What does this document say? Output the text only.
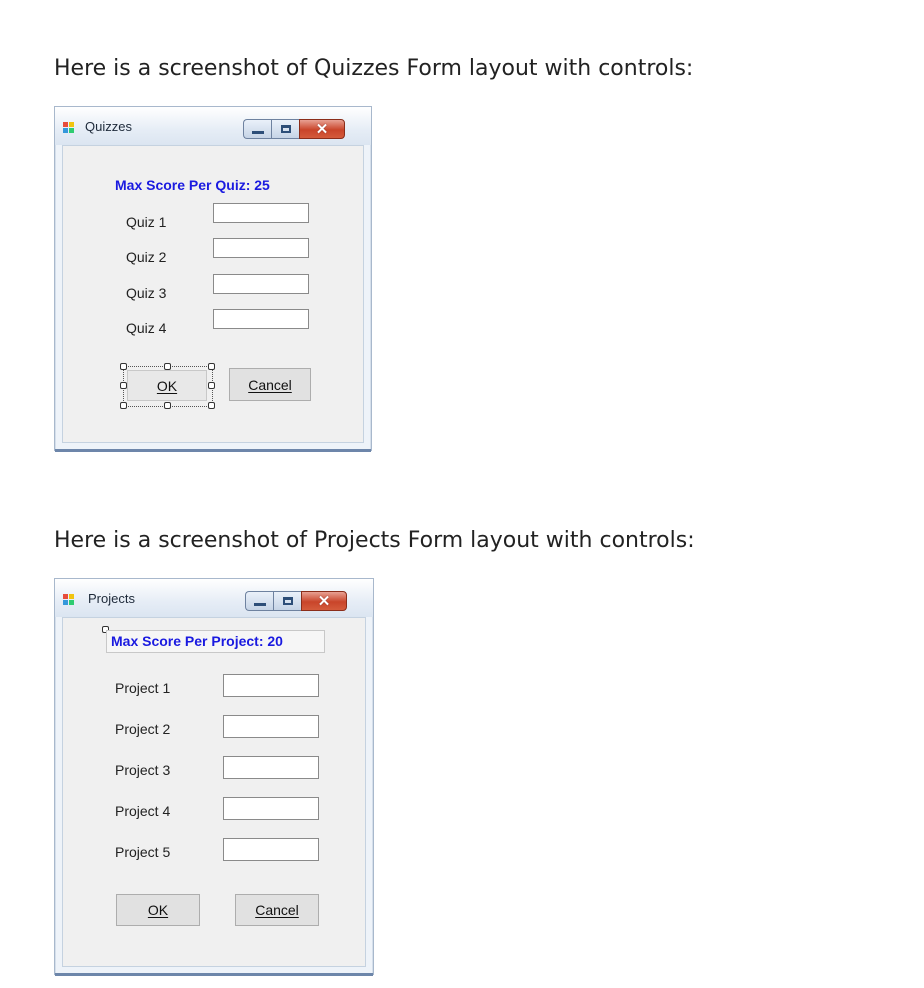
Here is a screenshot of Quizzes Form layout with controls:
Quizzes	✕
Max Score Per Quiz: 25
Quiz 1
Quiz 2
Quiz 3
Quiz 4
OK	Cancel
Here is a screenshot of Projects Form layout with controls:
Projects	✕
Max Score Per Project: 20
Project 1
Project 2
Project 3
Project 4
Project 5
OK	Cancel
